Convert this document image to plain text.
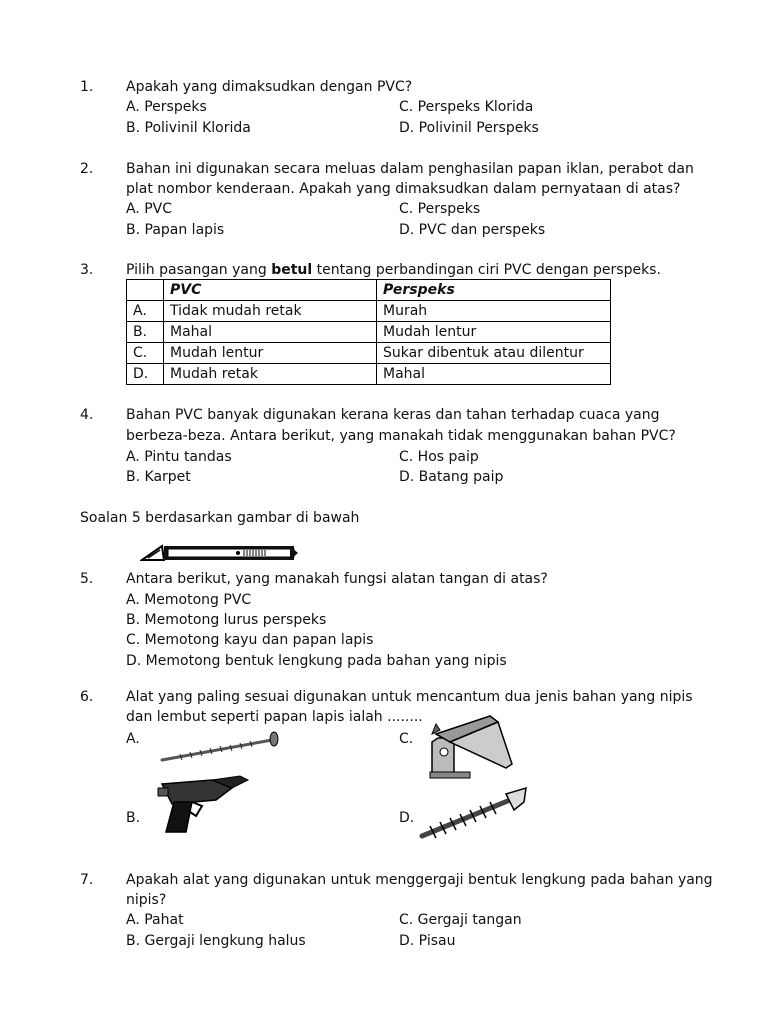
1. Apakah yang dimaksudkan dengan PVC?
A. Perspeks	C. Perspeks Klorida
B. Polivinil Klorida	D. Polivinil Perspeks
2. Bahan ini digunakan secara meluas dalam penghasilan papan iklan, perabot dan
plat nombor kenderaan. Apakah yang dimaksudkan dalam pernyataan di atas?
A. PVC	C. Perspeks
B. Papan lapis	D. PVC dan perspeks
3. Pilih pasangan yang betul tentang perbandingan ciri PVC dengan perspeks.
	PVC	Perspeks
A.	Tidak mudah retak	Murah
B.	Mahal	Mudah lentur
C.	Mudah lentur	Sukar dibentuk atau dilentur
D.	Mudah retak	Mahal
4. Bahan PVC banyak digunakan kerana keras dan tahan terhadap cuaca yang
berbeza-beza. Antara berikut, yang manakah tidak menggunakan bahan PVC?
A. Pintu tandas	C. Hos paip
B. Karpet	D. Batang paip
Soalan 5 berdasarkan gambar di bawah
5. Antara berikut, yang manakah fungsi alatan tangan di atas?
A. Memotong PVC
B. Memotong lurus perspeks
C. Memotong kayu dan papan lapis
D. Memotong bentuk lengkung pada bahan yang nipis
6. Alat yang paling sesuai digunakan untuk mencantum dua jenis bahan yang nipis
dan lembut seperti papan lapis ialah ........
A.	C.
B.	D.
7. Apakah alat yang digunakan untuk menggergaji bentuk lengkung pada bahan yang
nipis?
A. Pahat	C. Gergaji tangan
B. Gergaji lengkung halus	D. Pisau
